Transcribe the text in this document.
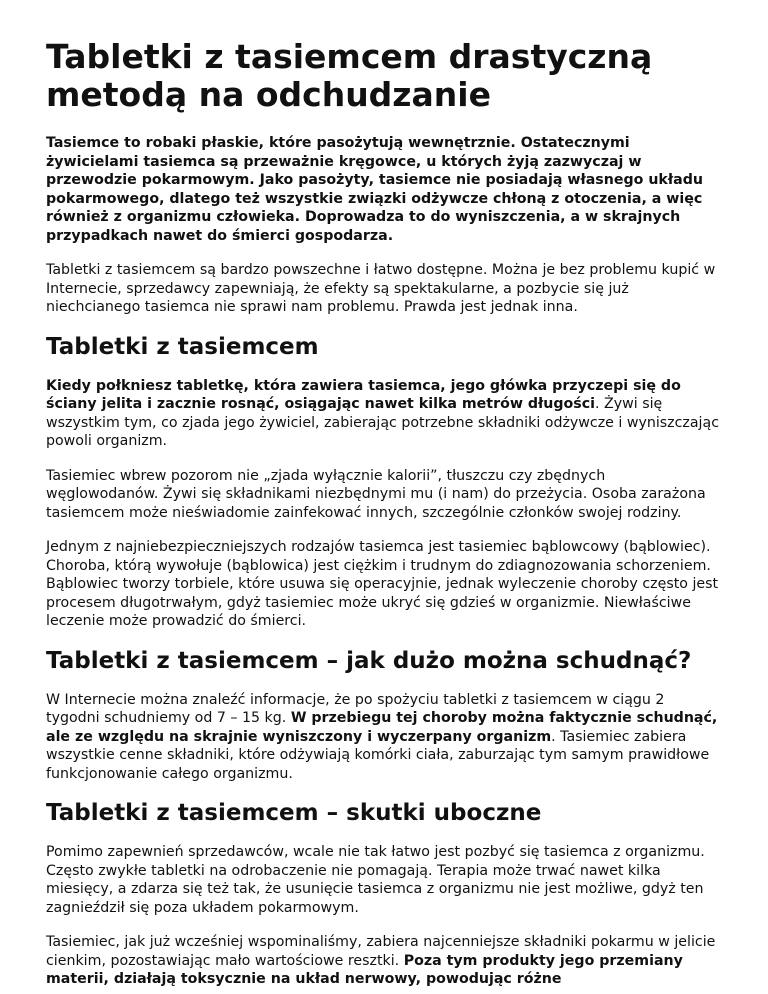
Tabletki z tasiemcem drastyczną metodą na odchudzanie

Tasiemce to robaki płaskie, które pasożytują wewnętrznie. Ostatecznymi żywicielami tasiemca są przeważnie kręgowce, u których żyją zazwyczaj w przewodzie pokarmowym. Jako pasożyty, tasiemce nie posiadają własnego układu pokarmowego, dlatego też wszystkie związki odżywcze chłoną z otoczenia, a więc również z organizmu człowieka. Doprowadza to do wyniszczenia, a w skrajnych przypadkach nawet do śmierci gospodarza.

Tabletki z tasiemcem są bardzo powszechne i łatwo dostępne. Można je bez problemu kupić w Internecie, sprzedawcy zapewniają, że efekty są spektakularne, a pozbycie się już niechcianego tasiemca nie sprawi nam problemu. Prawda jest jednak inna.

Tabletki z tasiemcem

Kiedy połkniesz tabletkę, która zawiera tasiemca, jego główka przyczepi się do ściany jelita i zacznie rosnąć, osiągając nawet kilka metrów długości. Żywi się wszystkim tym, co zjada jego żywiciel, zabierając potrzebne składniki odżywcze i wyniszczając powoli organizm.

Tasiemiec wbrew pozorom nie „zjada wyłącznie kalorii”, tłuszczu czy zbędnych węglowodanów. Żywi się składnikami niezbędnymi mu (i nam) do przeżycia. Osoba zarażona tasiemcem może nieświadomie zainfekować innych, szczególnie członków swojej rodziny.

Jednym z najniebezpieczniejszych rodzajów tasiemca jest tasiemiec bąblowcowy (bąblowiec). Choroba, którą wywołuje (bąblowica) jest ciężkim i trudnym do zdiagnozowania schorzeniem. Bąblowiec tworzy torbiele, które usuwa się operacyjnie, jednak wyleczenie choroby często jest procesem długotrwałym, gdyż tasiemiec może ukryć się gdzieś w organizmie. Niewłaściwe leczenie może prowadzić do śmierci.

Tabletki z tasiemcem – jak dużo można schudnąć?

W Internecie można znaleźć informacje, że po spożyciu tabletki z tasiemcem w ciągu 2 tygodni schudniemy od 7 – 15 kg. W przebiegu tej choroby można faktycznie schudnąć, ale ze względu na skrajnie wyniszczony i wyczerpany organizm. Tasiemiec zabiera wszystkie cenne składniki, które odżywiają komórki ciała, zaburzając tym samym prawidłowe funkcjonowanie całego organizmu.

Tabletki z tasiemcem – skutki uboczne

Pomimo zapewnień sprzedawców, wcale nie tak łatwo jest pozbyć się tasiemca z organizmu. Często zwykłe tabletki na odrobaczenie nie pomagają. Terapia może trwać nawet kilka miesięcy, a zdarza się też tak, że usunięcie tasiemca z organizmu nie jest możliwe, gdyż ten zagnieździł się poza układem pokarmowym.

Tasiemiec, jak już wcześniej wspominaliśmy, zabiera najcenniejsze składniki pokarmu w jelicie cienkim, pozostawiając mało wartościowe resztki. Poza tym produkty jego przemiany materii, działają toksycznie na układ nerwowy, powodując różne
